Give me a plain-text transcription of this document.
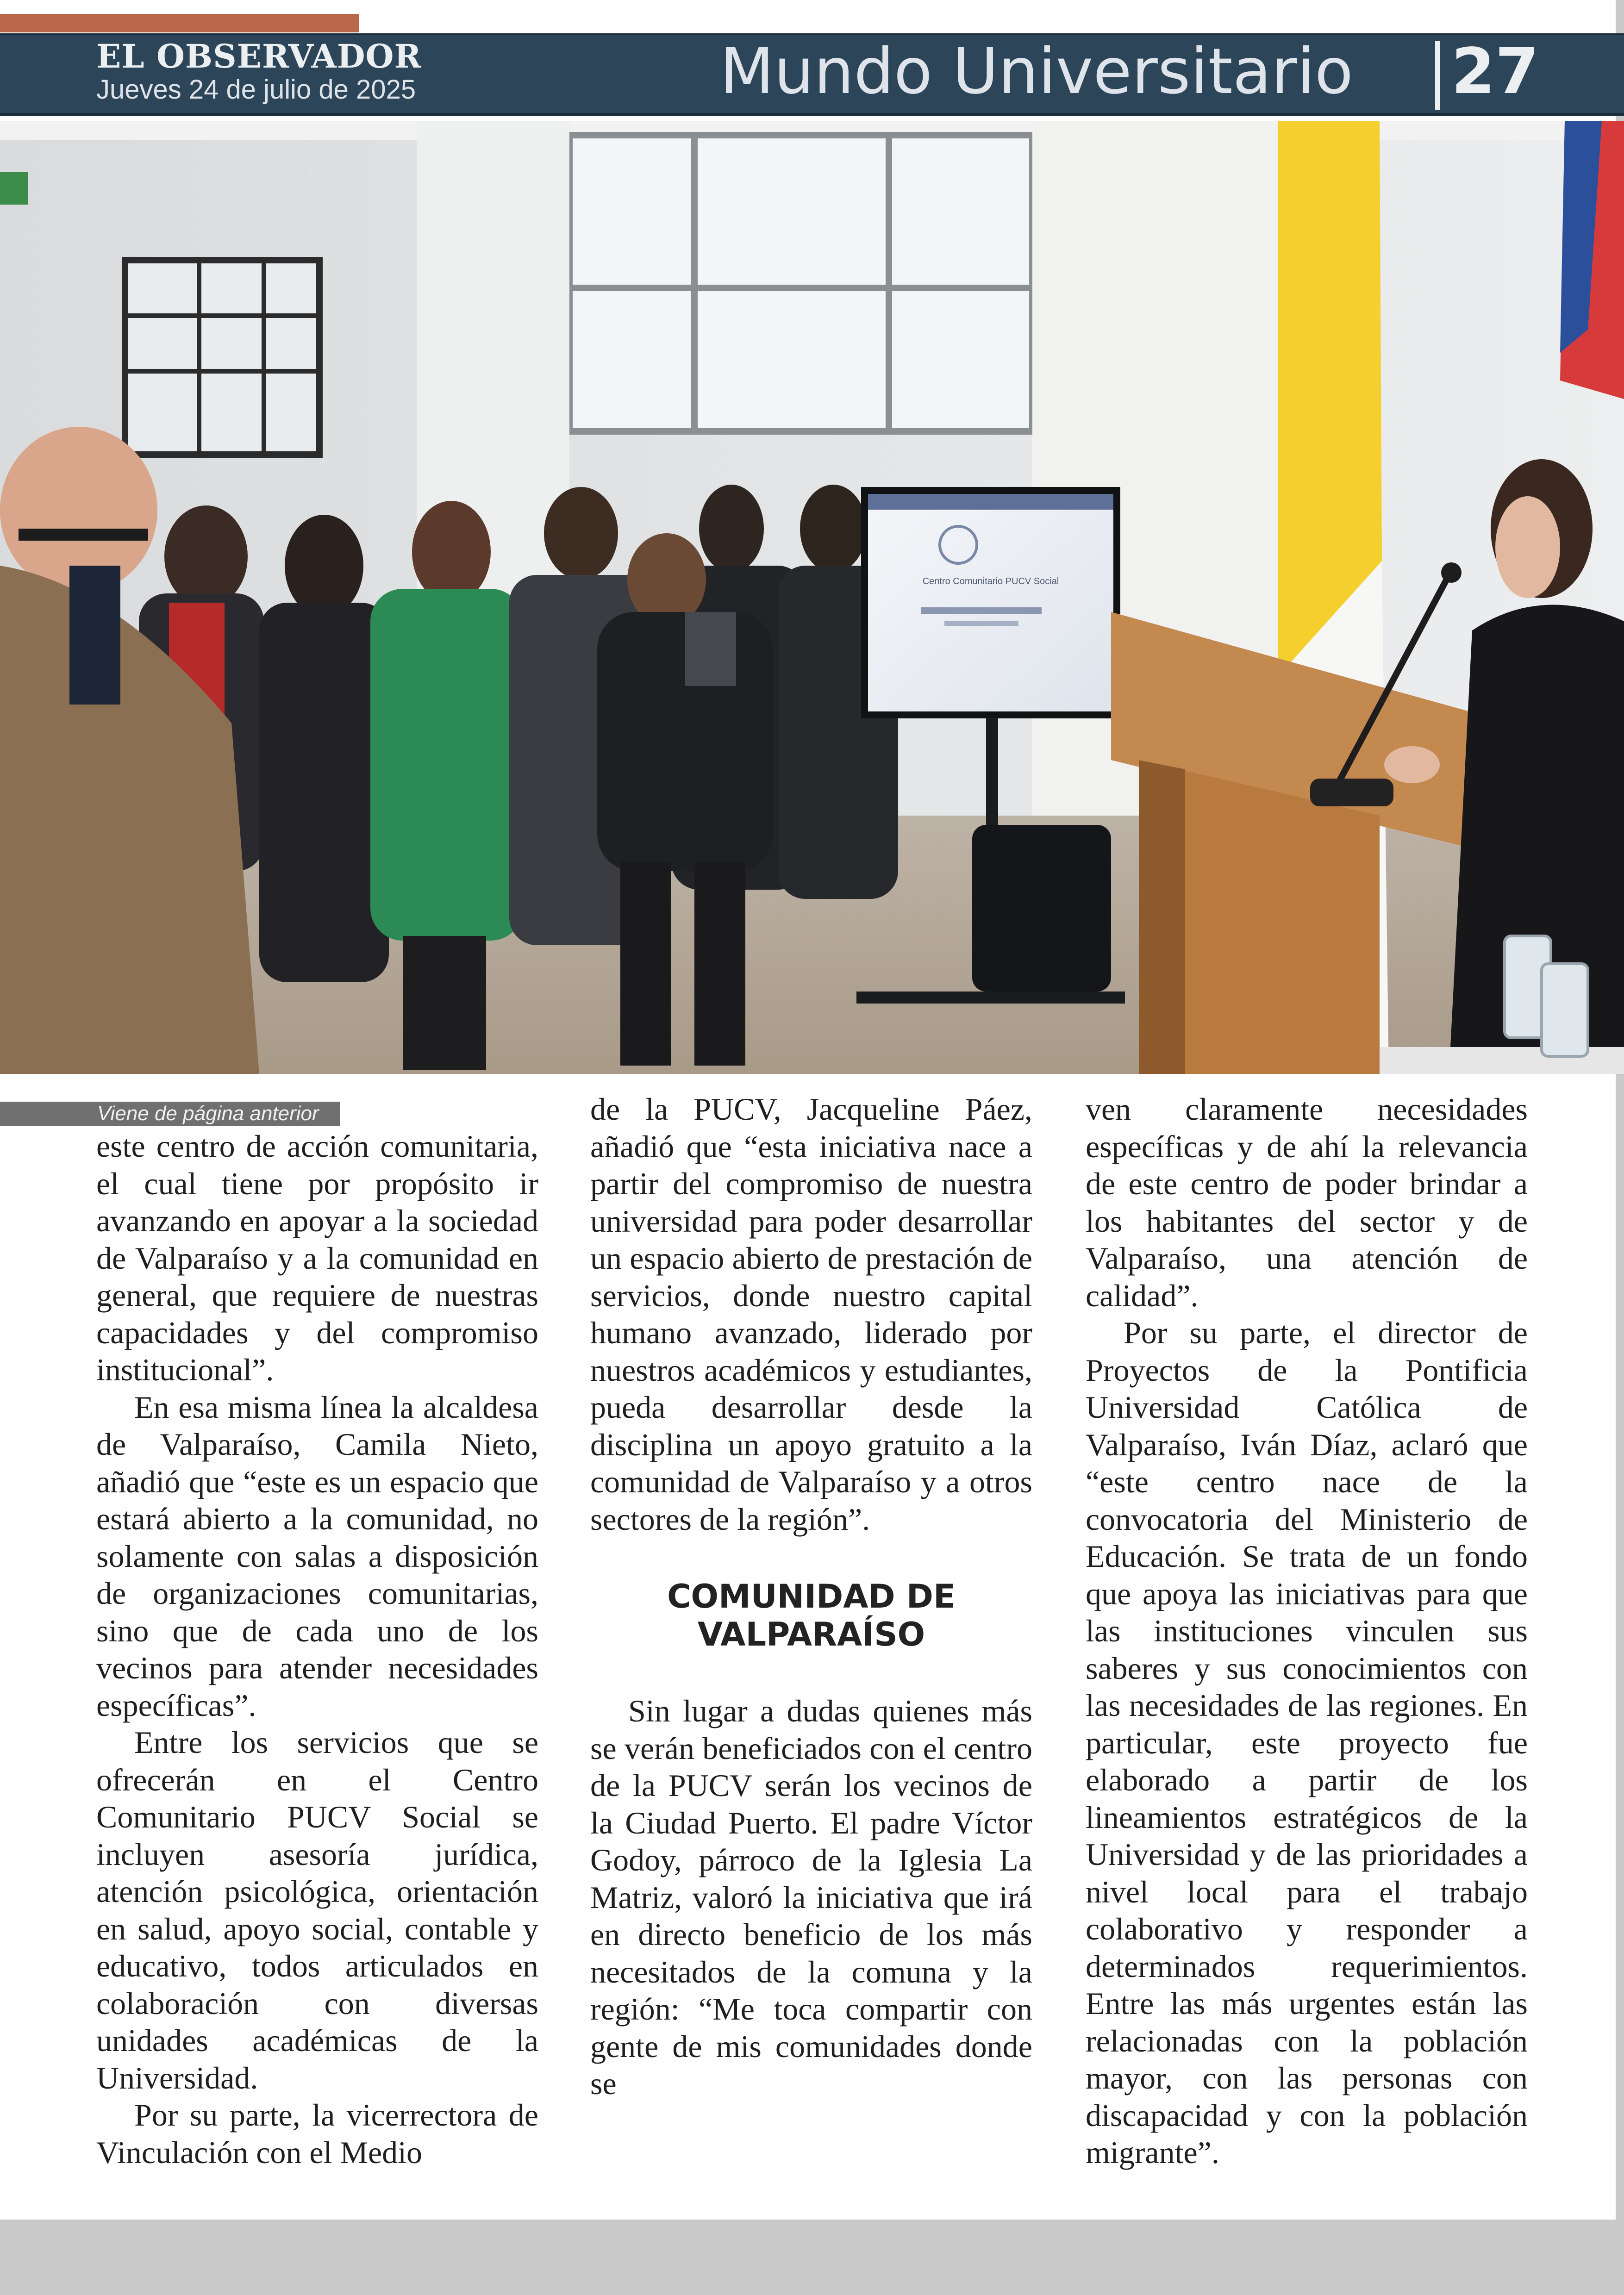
EL OBSERVADOR
Jueves 24 de julio de 2025	Mundo Universitario 27
Centro Comunitario PUCV Social
Viene de página anterior

este centro de acción comunitaria, el cual tiene por propósito ir avanzando en apoyar a la sociedad de Valparaíso y a la comunidad en general, que requiere de nuestras capacidades y del compromiso institucional”.

En esa misma línea la alcaldesa de Valparaíso, Camila Nieto, añadió que “este es un espacio que estará abierto a la comunidad, no solamente con salas a disposición de organizaciones comunitarias, sino que de cada uno de los vecinos para atender necesidades específicas”.

Entre los servicios que se ofrecerán en el Centro Comunitario PUCV Social se incluyen asesoría jurídica, atención psicológica, orientación en salud, apoyo social, contable y educativo, todos articulados en colaboración con diversas unidades académicas de la Universidad.

Por su parte, la vicerrectora de Vinculación con el Medio

de la PUCV, Jacqueline Páez, añadió que “esta iniciativa nace a partir del compromiso de nuestra universidad para poder desarrollar un espacio abierto de prestación de servicios, donde nuestro capital humano avanzado, liderado por nuestros académicos y estudiantes, pueda desarrollar desde la disciplina un apoyo gratuito a la comunidad de Valparaíso y a otros sectores de la región”.

COMUNIDAD DE
VALPARAÍSO

Sin lugar a dudas quienes más se verán beneficiados con el centro de la PUCV serán los vecinos de la Ciudad Puerto. El padre Víctor Godoy, párroco de la Iglesia La Matriz, valoró la iniciativa que irá en directo beneficio de los más necesitados de la comuna y la región: “Me toca compartir con gente de mis comunidades donde se

ven claramente necesidades específicas y de ahí la relevancia de este centro de poder brindar a los habitantes del sector y de Valparaíso, una atención de calidad”.

Por su parte, el director de Proyectos de la Pontificia Universidad Católica de Valparaíso, Iván Díaz, aclaró que “este centro nace de la convocatoria del Ministerio de Educación. Se trata de un fondo que apoya las iniciativas para que las instituciones vinculen sus saberes y sus conocimientos con las necesidades de las regiones. En particular, este proyecto fue elaborado a partir de los lineamientos estratégicos de la Universidad y de las prioridades a nivel local para el trabajo colaborativo y responder a determinados requerimientos. Entre las más urgentes están las relacionadas con la población mayor, con las personas con discapacidad y con la población migrante”.
